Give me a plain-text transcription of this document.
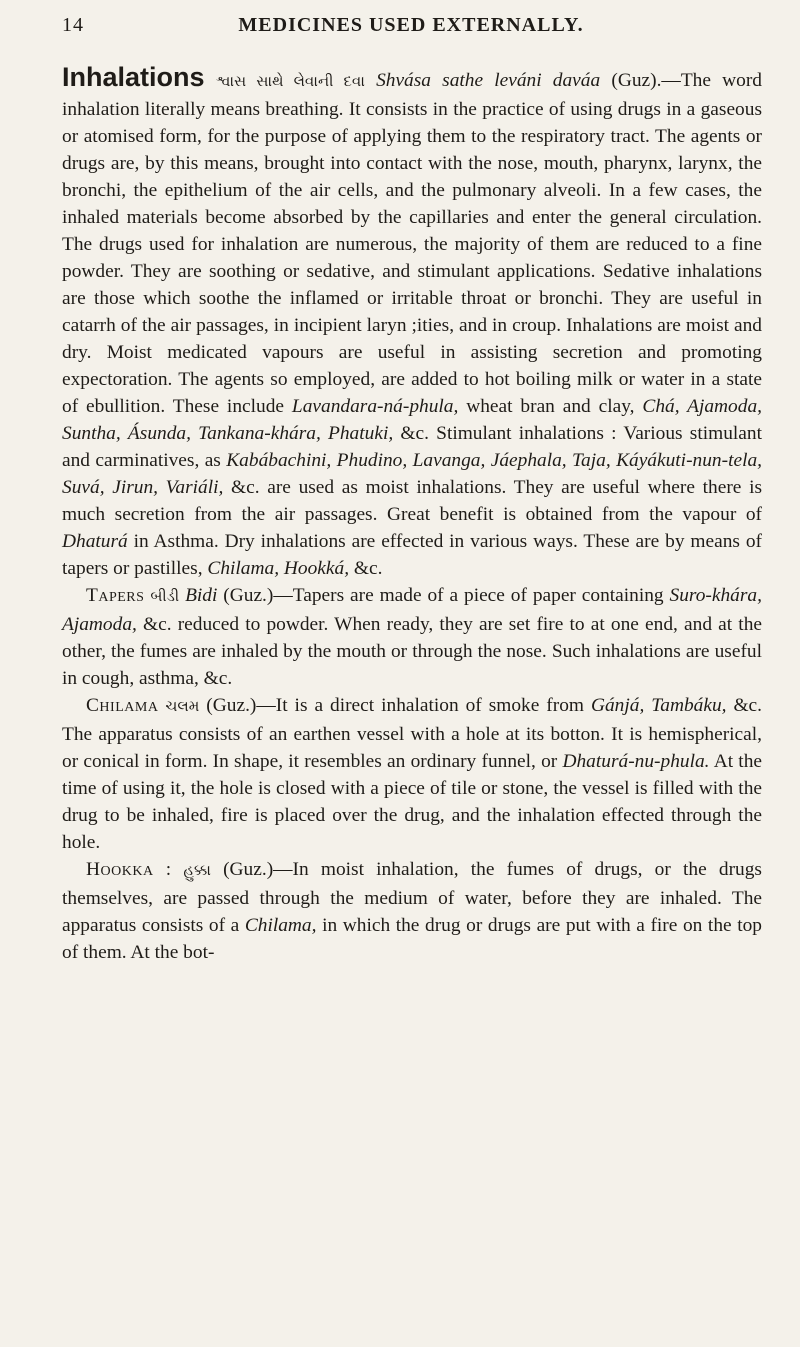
14	MEDICINES USED EXTERNALLY.

Inhalations શ્વાસ સાથે લેવાની દવા Shvása sathe leváni daváa (Guz).—The word inhalation literally means breathing. It consists in the practice of using drugs in a gaseous or atomised form, for the purpose of applying them to the respiratory tract. The agents or drugs are, by this means, brought into contact with the nose, mouth, pharynx, larynx, the bronchi, the epithelium of the air cells, and the pulmonary alveoli. In a few cases, the inhaled materials become absorbed by the capillaries and enter the general circulation. The drugs used for inhalation are numerous, the majority of them are reduced to a fine powder. They are soothing or sedative, and stimulant applications. Sedative inhalations are those which soothe the inflamed or irritable throat or bronchi. They are useful in catarrh of the air passages, in incipient laryn ;ities, and in croup. Inhalations are moist and dry. Moist medicated vapours are useful in assisting secretion and promoting expectoration. The agents so employed, are added to hot boiling milk or water in a state of ebullition. These include Lavandara-ná-phula, wheat bran and clay, Chá, Ajamoda, Suntha, Ásunda, Tankana-khára, Phatuki, &c. Stimulant inhalations : Various stimulant and carminatives, as Kabábachini, Phudino, Lavanga, Jáephala, Taja, Káyákuti-nun-tela, Suvá, Jirun, Variáli, &c. are used as moist inhalations. They are useful where there is much secretion from the air passages. Great benefit is obtained from the vapour of Dhaturá in Asthma. Dry inhalations are effected in various ways. These are by means of tapers or pastilles, Chilama, Hookká, &c.

Tapers બીડી Bidi (Guz.)—Tapers are made of a piece of paper containing Suro-khára, Ajamoda, &c. reduced to powder. When ready, they are set fire to at one end, and at the other, the fumes are inhaled by the mouth or through the nose. Such inhalations are useful in cough, asthma, &c.

Chilama ચલમ (Guz.)—It is a direct inhalation of smoke from Gánjá, Tambáku, &c. The apparatus consists of an earthen vessel with a hole at its botton. It is hemispherical, or conical in form. In shape, it resembles an ordinary funnel, or Dhaturá-nu-phula. At the time of using it, the hole is closed with a piece of tile or stone, the vessel is filled with the drug to be inhaled, fire is placed over the drug, and the inhalation effected through the hole.

Hookka : હુક્કા (Guz.)—In moist inhalation, the fumes of drugs, or the drugs themselves, are passed through the medium of water, before they are inhaled. The apparatus consists of a Chilama, in which the drug or drugs are put with a fire on the top of them. At the bot-
